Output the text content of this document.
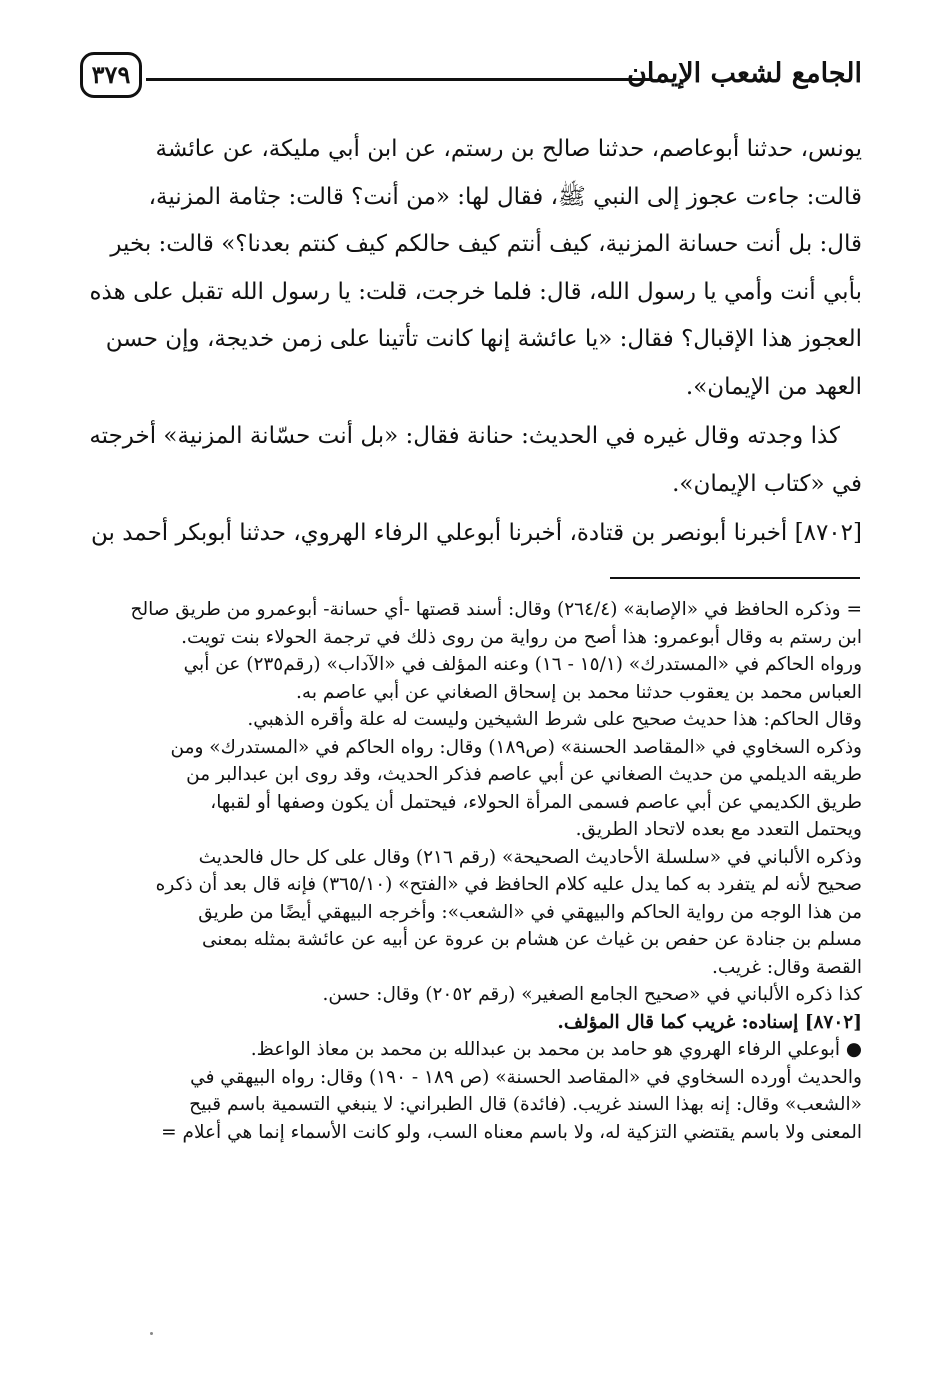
الجامع لشعب الإيمان
٣٧٩

يونس، حدثنا أبوعاصم، حدثنا صالح بن رستم، عن ابن أبي مليكة، عن عائشة

قالت: جاءت عجوز إلى النبي ﷺ، فقال لها: «من أنت؟ قالت: جثامة المزنية،

قال: بل أنت حسانة المزنية، كيف أنتم كيف حالكم كيف كنتم بعدنا؟» قالت: بخير

بأبي أنت وأمي يا رسول الله، قال: فلما خرجت، قلت: يا رسول الله تقبل على هذه

العجوز هذا الإقبال؟ فقال: «يا عائشة إنها كانت تأتينا على زمن خديجة، وإن حسن

العهد من الإيمان».

كذا وجدته وقال غيره في الحديث: حنانة فقال: «بل أنت حسّانة المزنية» أخرجته

في «كتاب الإيمان».

[٨٧٠٢] أخبرنا أبونصر بن قتادة، أخبرنا أبوعلي الرفاء الهروي، حدثنا أبوبكر أحمد بن

= وذكره الحافظ في «الإصابة» (٢٦٤/٤) وقال: أسند قصتها -أي حسانة- أبوعمرو من طريق صالح

ابن رستم به وقال أبوعمرو: هذا أصح من رواية من روى ذلك في ترجمة الحولاء بنت تويت.

ورواه الحاكم في «المستدرك» (١٥/١ - ١٦) وعنه المؤلف في «الآداب» (رقم٢٣٥) عن أبي

العباس محمد بن يعقوب حدثنا محمد بن إسحاق الصغاني عن أبي عاصم به.

وقال الحاكم: هذا حديث صحيح على شرط الشيخين وليست له علة وأقره الذهبي.

وذكره السخاوي في «المقاصد الحسنة» (ص١٨٩) وقال: رواه الحاكم في «المستدرك» ومن

طريقه الديلمي من حديث الصغاني عن أبي عاصم فذكر الحديث، وقد روى ابن عبدالبر من

طريق الكديمي عن أبي عاصم فسمى المرأة الحولاء، فيحتمل أن يكون وصفها أو لقبها،

ويحتمل التعدد مع بعده لاتحاد الطريق.

وذكره الألباني في «سلسلة الأحاديث الصحيحة» (رقم ٢١٦) وقال على كل حال فالحديث

صحيح لأنه لم يتفرد به كما يدل عليه كلام الحافظ في «الفتح» (٣٦٥/١٠) فإنه قال بعد أن ذكره

من هذا الوجه من رواية الحاكم والبيهقي في «الشعب»: وأخرجه البيهقي أيضًا من طريق

مسلم بن جنادة عن حفص بن غياث عن هشام بن عروة عن أبيه عن عائشة بمثله بمعنى

القصة وقال: غريب.

كذا ذكره الألباني في «صحيح الجامع الصغير» (رقم ٢٠٥٢) وقال: حسن.

[٨٧٠٢] إسناده: غريب كما قال المؤلف.

● أبوعلي الرفاء الهروي هو حامد بن محمد بن عبدالله بن محمد بن معاذ الواعظ.

والحديث أورده السخاوي في «المقاصد الحسنة» (ص ١٨٩ - ١٩٠) وقال: رواه البيهقي في

«الشعب» وقال: إنه بهذا السند غريب. (فائدة) قال الطبراني: لا ينبغي التسمية باسم قبيح

المعنى ولا باسم يقتضي التزكية له، ولا باسم معناه السب، ولو كانت الأسماء إنما هي أعلام =
